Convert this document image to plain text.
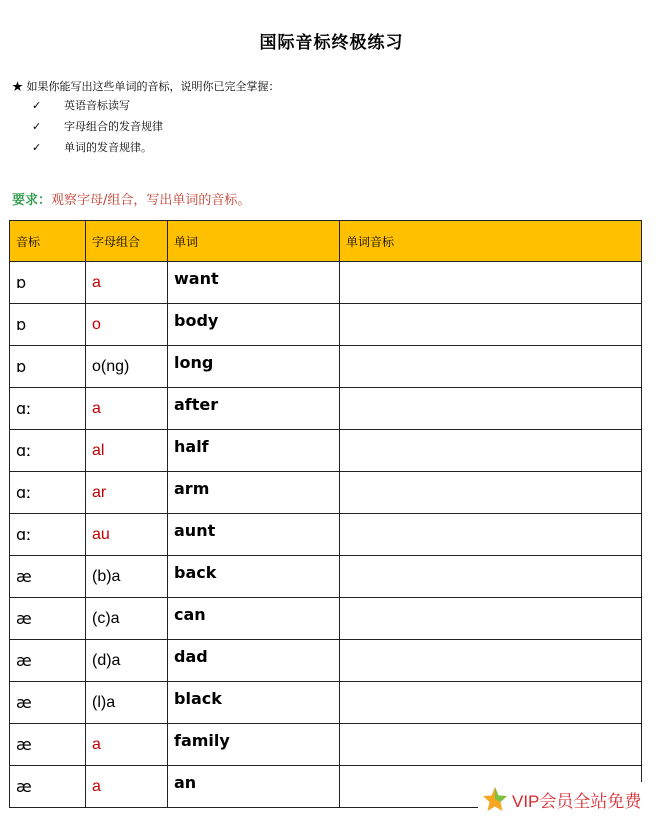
国际音标终极练习
★ 如果你能写出这些单词的音标，说明你已完全掌握：
✓ 英语音标读写
✓ 字母组合的发音规律
✓ 单词的发音规律。
要求：观察字母/组合，写出单词的音标。
音标	字母组合	单词	单词音标
ɒ	a	want	
ɒ	o	body	
ɒ	o(ng)	long	
ɑː	a	after	
ɑː	al	half	
ɑː	ar	arm	
ɑː	au	aunt	
æ	(b)a	back	
æ	(c)a	can	
æ	(d)a	dad	
æ	(l)a	black	
æ	a	family	
æ	a	an	
VIP会员全站免费
